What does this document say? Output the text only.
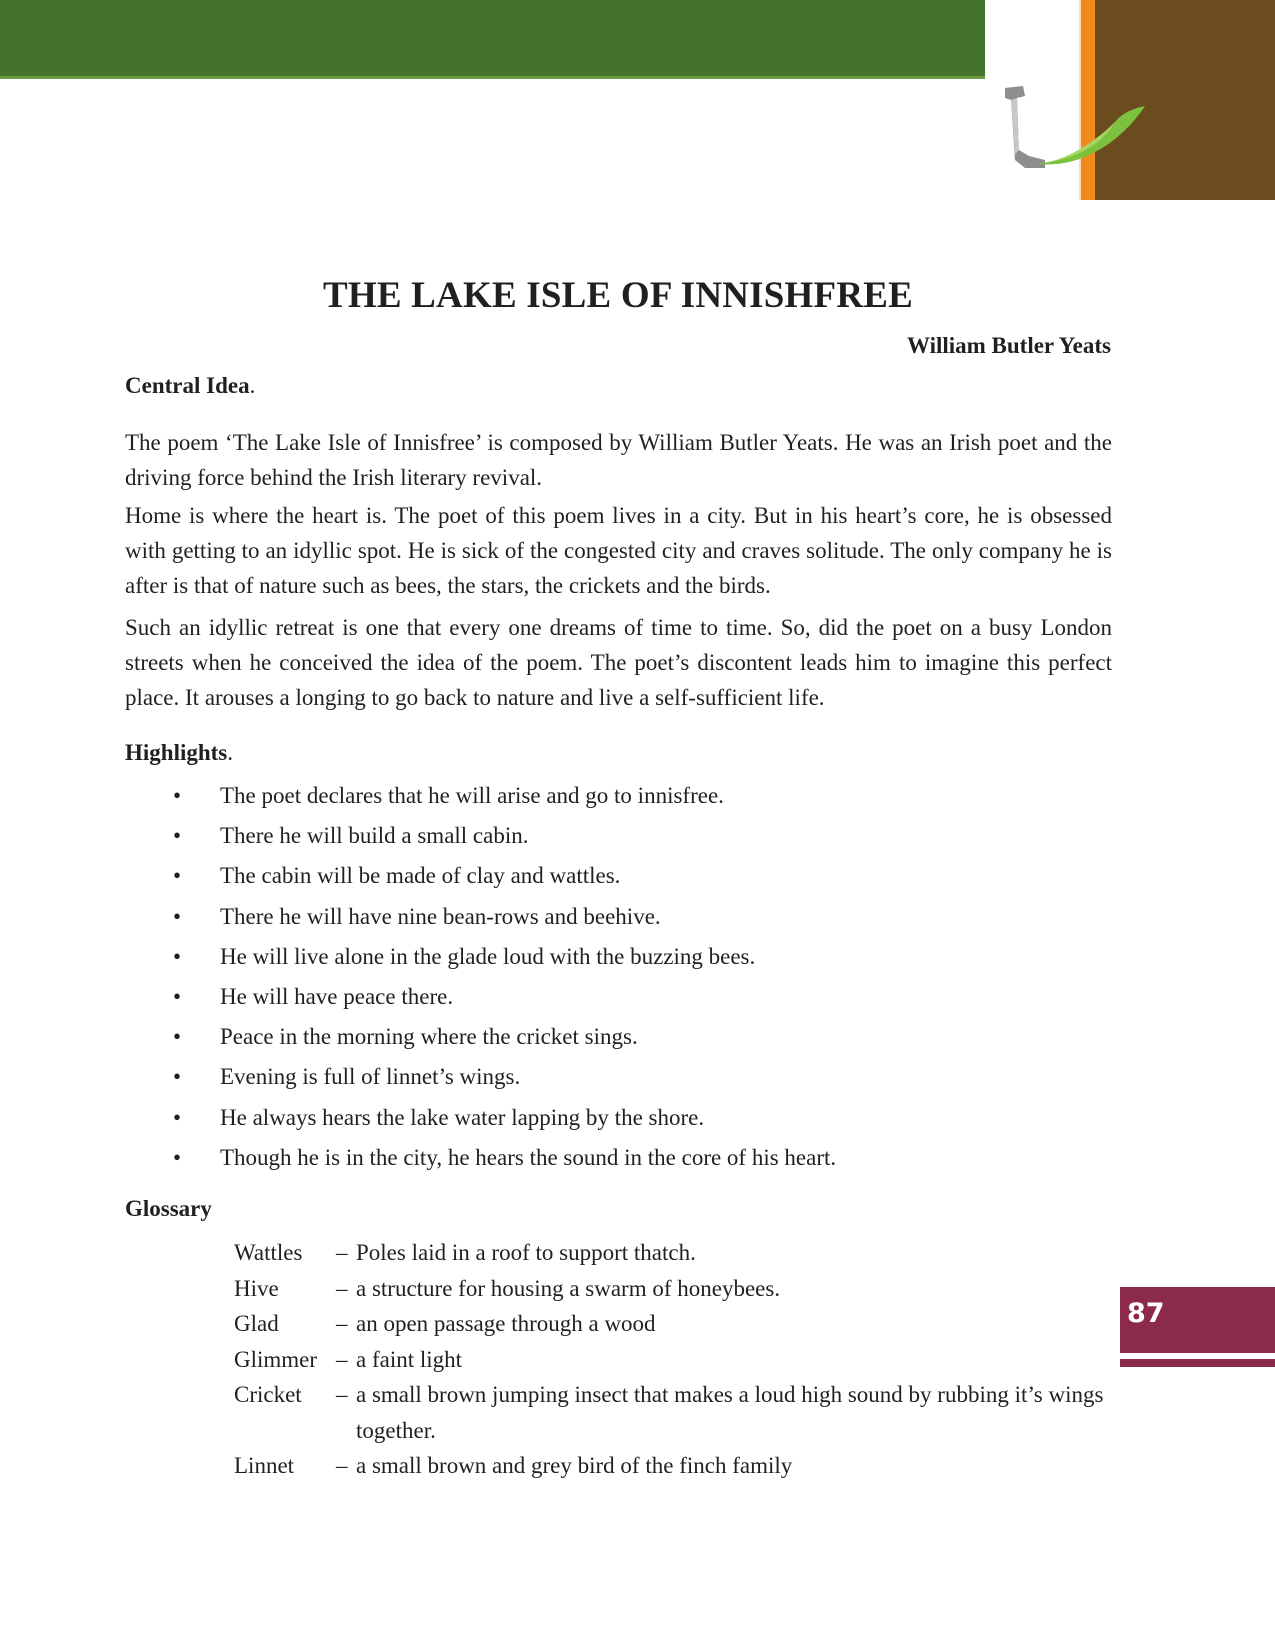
THE LAKE ISLE OF INNISHFREE
William Butler Yeats
Central Idea.

The poem ‘The Lake Isle of Innisfree’ is composed by William Butler Yeats. He was an Irish poet and the driving force behind the Irish literary revival.

Home is where the heart is. The poet of this poem lives in a city. But in his heart’s core, he is obsessed with getting to an idyllic spot. He is sick of the congested city and craves solitude. The only company he is after is that of nature such as bees, the stars, the crickets and the birds.

Such an idyllic retreat is one that every one dreams of time to time. So, did the poet on a busy London streets when he conceived the idea of the poem. The poet’s discontent leads him to imagine this perfect place. It arouses a longing to go back to nature and live a self-sufficient life.

Highlights.
• The poet declares that he will arise and go to innisfree.
• There he will build a small cabin.
• The cabin will be made of clay and wattles.
• There he will have nine bean-rows and beehive.
• He will live alone in the glade loud with the buzzing bees.
• He will have peace there.
• Peace in the morning where the cricket sings.
• Evening is full of linnet’s wings.
• He always hears the lake water lapping by the shore.
• Though he is in the city, he hears the sound in the core of his heart.
Glossary
Wattles	– Poles laid in a roof to support thatch.
Hive	– a structure for housing a swarm of honeybees.
Glad	– an open passage through a wood
Glimmer – a faint light
Cricket	– a small brown jumping insect that makes a loud high sound by rubbing it’s wings together.
Linnet	– a small brown and grey bird of the finch family
87
